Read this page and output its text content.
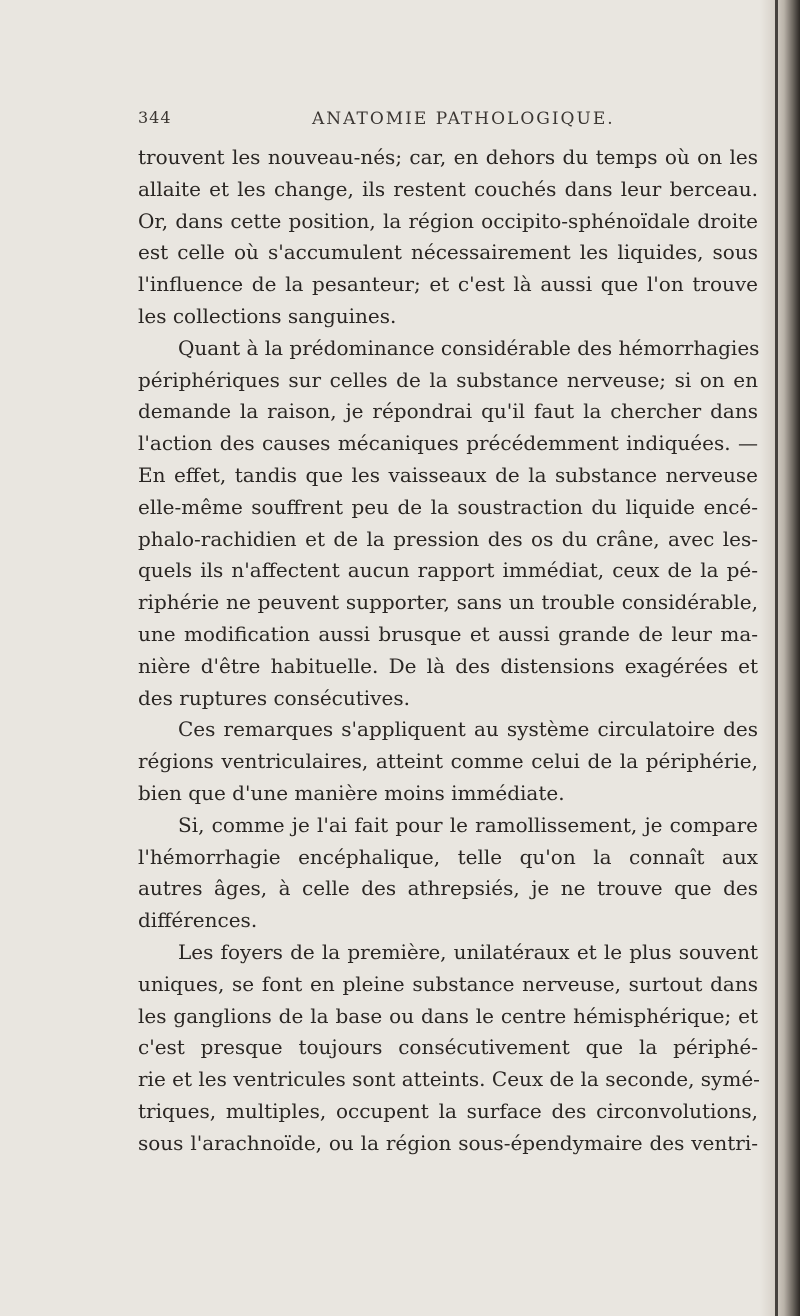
344	ANATOMIE PATHOLOGIQUE.
trouvent les nouveau-nés; car, en dehors du temps où on les
allaite et les change, ils restent couchés dans leur berceau.
Or, dans cette position, la région occipito-sphénoïdale droite
est celle où s'accumulent nécessairement les liquides, sous
l'influence de la pesanteur; et c'est là aussi que l'on trouve
les collections sanguines.
Quant à la prédominance considérable des hémorrhagies
périphériques sur celles de la substance nerveuse; si on en
demande la raison, je répondrai qu'il faut la chercher dans
l'action des causes mécaniques précédemment indiquées. —
En effet, tandis que les vaisseaux de la substance nerveuse
elle-même souffrent peu de la soustraction du liquide encé-
phalo-rachidien et de la pression des os du crâne, avec les-
quels ils n'affectent aucun rapport immédiat, ceux de la pé-
riphérie ne peuvent supporter, sans un trouble considérable,
une modification aussi brusque et aussi grande de leur ma-
nière d'être habituelle. De là des distensions exagérées et
des ruptures consécutives.
Ces remarques s'appliquent au système circulatoire des
régions ventriculaires, atteint comme celui de la périphérie,
bien que d'une manière moins immédiate.
Si, comme je l'ai fait pour le ramollissement, je compare
l'hémorrhagie encéphalique, telle qu'on la connaît aux
autres âges, à celle des athrepsiés, je ne trouve que des
différences.
Les foyers de la première, unilatéraux et le plus souvent
uniques, se font en pleine substance nerveuse, surtout dans
les ganglions de la base ou dans le centre hémisphérique; et
c'est presque toujours consécutivement que la périphé-
rie et les ventricules sont atteints. Ceux de la seconde, symé-
triques, multiples, occupent la surface des circonvolutions,
sous l'arachnoïde, ou la région sous-épendymaire des ventri-
